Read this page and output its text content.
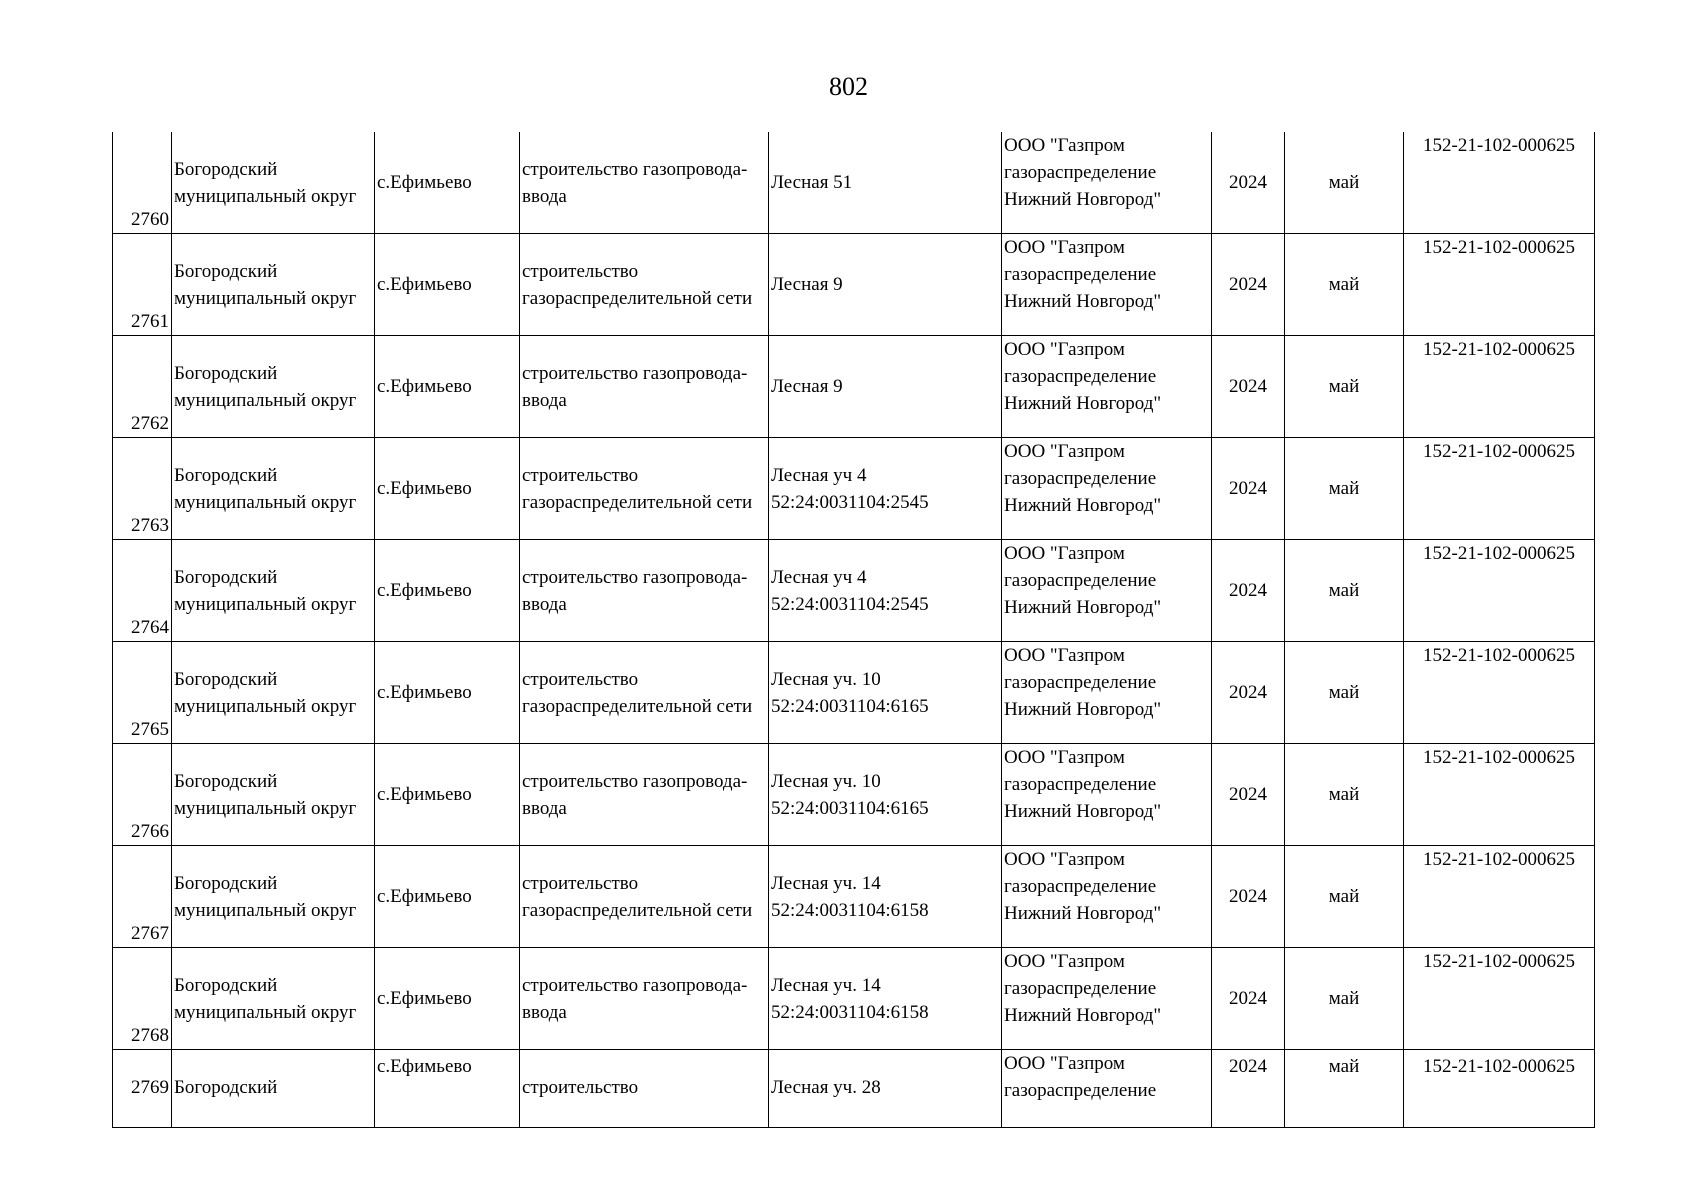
802
2760	Богородский
муниципальный округ	с.Ефимьево	строительство газопровода-
ввода	Лесная 51	ООО "Газпром
газораспределение
Нижний Новгород"	2024	май	152-21-102-000625
2761	Богородский
муниципальный округ	с.Ефимьево	строительство
газораспределительной сети	Лесная 9	ООО "Газпром
газораспределение
Нижний Новгород"	2024	май	152-21-102-000625
2762	Богородский
муниципальный округ	с.Ефимьево	строительство газопровода-
ввода	Лесная 9	ООО "Газпром
газораспределение
Нижний Новгород"	2024	май	152-21-102-000625
2763	Богородский
муниципальный округ	с.Ефимьево	строительство
газораспределительной сети	Лесная уч 4
52:24:0031104:2545	ООО "Газпром
газораспределение
Нижний Новгород"	2024	май	152-21-102-000625
2764	Богородский
муниципальный округ	с.Ефимьево	строительство газопровода-
ввода	Лесная уч 4
52:24:0031104:2545	ООО "Газпром
газораспределение
Нижний Новгород"	2024	май	152-21-102-000625
2765	Богородский
муниципальный округ	с.Ефимьево	строительство
газораспределительной сети	Лесная уч. 10
52:24:0031104:6165	ООО "Газпром
газораспределение
Нижний Новгород"	2024	май	152-21-102-000625
2766	Богородский
муниципальный округ	с.Ефимьево	строительство газопровода-
ввода	Лесная уч. 10
52:24:0031104:6165	ООО "Газпром
газораспределение
Нижний Новгород"	2024	май	152-21-102-000625
2767	Богородский
муниципальный округ	с.Ефимьево	строительство
газораспределительной сети	Лесная уч. 14
52:24:0031104:6158	ООО "Газпром
газораспределение
Нижний Новгород"	2024	май	152-21-102-000625
2768	Богородский
муниципальный округ	с.Ефимьево	строительство газопровода-
ввода	Лесная уч. 14
52:24:0031104:6158	ООО "Газпром
газораспределение
Нижний Новгород"	2024	май	152-21-102-000625
2769	Богородский	с.Ефимьево	строительство	Лесная уч. 28	ООО "Газпром
газораспределение	2024	май	152-21-102-000625
